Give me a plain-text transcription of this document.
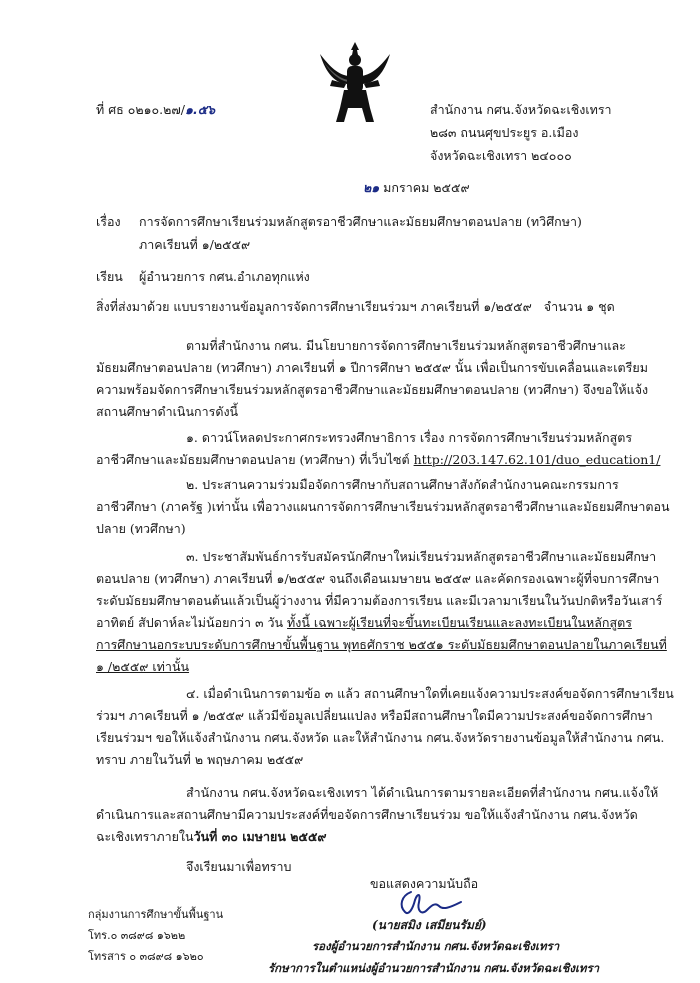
ที่ ศธ ๐๒๑๐.๒๗/๑.๕๖	สำนักงาน กศน.จังหวัดฉะเชิงเทรา
๒๘๓ ถนนศุขประยูร อ.เมือง
จังหวัดฉะเชิงเทรา ๒๔๐๐๐
๒๑ มกราคม ๒๕๕๙
เรื่อง การจัดการศึกษาเรียนร่วมหลักสูตรอาชีวศึกษาและมัธยมศึกษาตอนปลาย (ทวิศึกษา)
ภาคเรียนที่ ๑/๒๕๕๙
เรียน ผู้อำนวยการ กศน.อำเภอทุกแห่ง
สิ่งที่ส่งมาด้วย แบบรายงานข้อมูลการจัดการศึกษาเรียนร่วมฯ ภาคเรียนที่ ๑/๒๕๕๙ จำนวน ๑ ชุด
ตามที่สำนักงาน กศน. มีนโยบายการจัดการศึกษาเรียนร่วมหลักสูตรอาชีวศึกษาและ
มัธยมศึกษาตอนปลาย (ทวศึกษา) ภาคเรียนที่ ๑ ปีการศึกษา ๒๕๕๙ นั้น เพื่อเป็นการขับเคลื่อนและเตรียม
ความพร้อมจัดการศึกษาเรียนร่วมหลักสูตรอาชีวศึกษาและมัธยมศึกษาตอนปลาย (ทวศึกษา) จึงขอให้แจ้ง
สถานศึกษาดำเนินการดังนี้
๑. ดาวน์โหลดประกาศกระทรวงศึกษาธิการ เรื่อง การจัดการศึกษาเรียนร่วมหลักสูตร
อาชีวศึกษาและมัธยมศึกษาตอนปลาย (ทวศึกษา) ที่เว็บไซต์ http://203.147.62.101/duo_education1/
๒. ประสานความร่วมมือจัดการศึกษากับสถานศึกษาสังกัดสำนักงานคณะกรรมการ
อาชีวศึกษา (ภาครัฐ )เท่านั้น เพื่อวางแผนการจัดการศึกษาเรียนร่วมหลักสูตรอาชีวศึกษาและมัธยมศึกษาตอน
ปลาย (ทวศึกษา)
๓. ประชาสัมพันธ์การรับสมัครนักศึกษาใหม่เรียนร่วมหลักสูตรอาชีวศึกษาและมัธยมศึกษา
ตอนปลาย (ทวศึกษา) ภาคเรียนที่ ๑/๒๕๕๙ จนถึงเดือนเมษายน ๒๕๕๙ และคัดกรองเฉพาะผู้ที่จบการศึกษา
ระดับมัธยมศึกษาตอนต้นแล้วเป็นผู้ว่างงาน ที่มีความต้องการเรียน และมีเวลามาเรียนในวันปกติหรือวันเสาร์
อาทิตย์ สัปดาห์ละไม่น้อยกว่า ๓ วัน ทั้งนี้ เฉพาะผู้เรียนที่จะขึ้นทะเบียนเรียนและลงทะเบียนในหลักสูตร
การศึกษานอกระบบระดับการศึกษาขั้นพื้นฐาน พุทธศักราช ๒๕๕๑ ระดับมัธยมศึกษาตอนปลายในภาคเรียนที่
๑ /๒๕๕๙ เท่านั้น
๔. เมื่อดำเนินการตามข้อ ๓ แล้ว สถานศึกษาใดที่เคยแจ้งความประสงค์ขอจัดการศึกษาเรียน
ร่วมฯ ภาคเรียนที่ ๑ /๒๕๕๙ แล้วมีข้อมูลเปลี่ยนแปลง หรือมีสถานศึกษาใดมีความประสงค์ขอจัดการศึกษา
เรียนร่วมฯ ขอให้แจ้งสำนักงาน กศน.จังหวัด และให้สำนักงาน กศน.จังหวัดรายงานข้อมูลให้สำนักงาน กศน.
ทราบ ภายในวันที่ ๒ พฤษภาคม ๒๕๕๙
สำนักงาน กศน.จังหวัดฉะเชิงเทรา ได้ดำเนินการตามรายละเอียดที่สำนักงาน กศน.แจ้งให้
ดำเนินการและสถานศึกษามีความประสงค์ที่ขอจัดการศึกษาเรียนร่วม ขอให้แจ้งสำนักงาน กศน.จังหวัด
ฉะเชิงเทราภายในวันที่ ๓๐ เมษายน ๒๕๕๙
จึงเรียนมาเพื่อทราบ
ขอแสดงความนับถือ
(นายสมิง เสมียนรัมย์)
รองผู้อำนวยการสำนักงาน กศน.จังหวัดฉะเชิงเทรา
รักษาการในตำแหน่งผู้อำนวยการสำนักงาน กศน.จังหวัดฉะเชิงเทรา
กลุ่มงานการศึกษาขั้นพื้นฐาน
โทร.๐ ๓๘๙๘ ๑๖๒๒
โทรสาร ๐ ๓๘๙๘ ๑๖๒๐
